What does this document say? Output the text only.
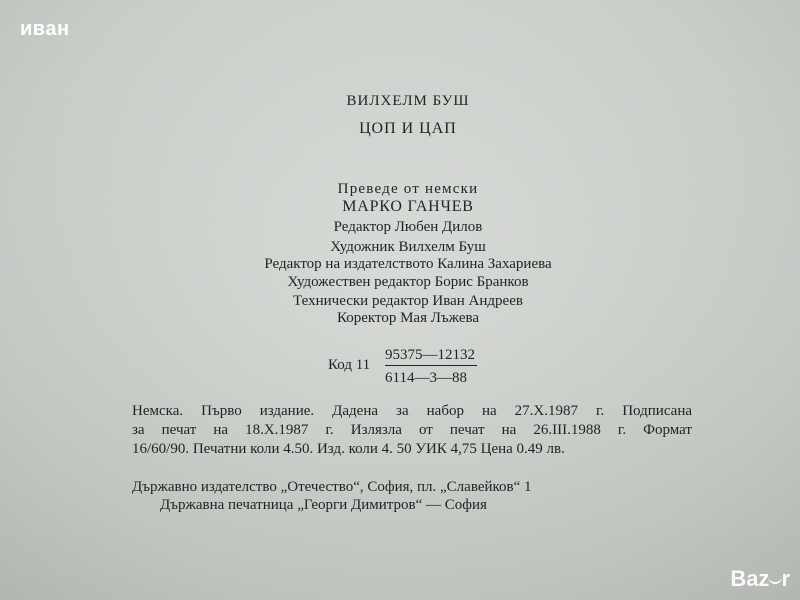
иван
ВИЛХЕЛМ БУШ
ЦОП И ЦАП
Преведе от немски
МАРКО ГАНЧЕВ
Редактор Любен Дилов
Художник Вилхелм Буш
Редактор на издателството Калина Захариева
Художествен редактор Борис Бранков
Технически редактор Иван Андреев
Коректор Мая Лъжева
Код $11 \frac{95375—12132}{6114—3—88}$
Немска. Първо издание. Дадена за набор на 27.X.1987 г. Подписана
за печат на 18.X.1987 г. Излязла от печат на 26.III.1988 г. Формат
16/60/90. Печатни коли 4.50. Изд. коли 4. 50 УИК 4,75 Цена 0.49 лв.
Държавно издателство „Отечество“, София, пл. „Славейков“ 1
Държавна печатница „Георги Димитров“ — София
Baz r
